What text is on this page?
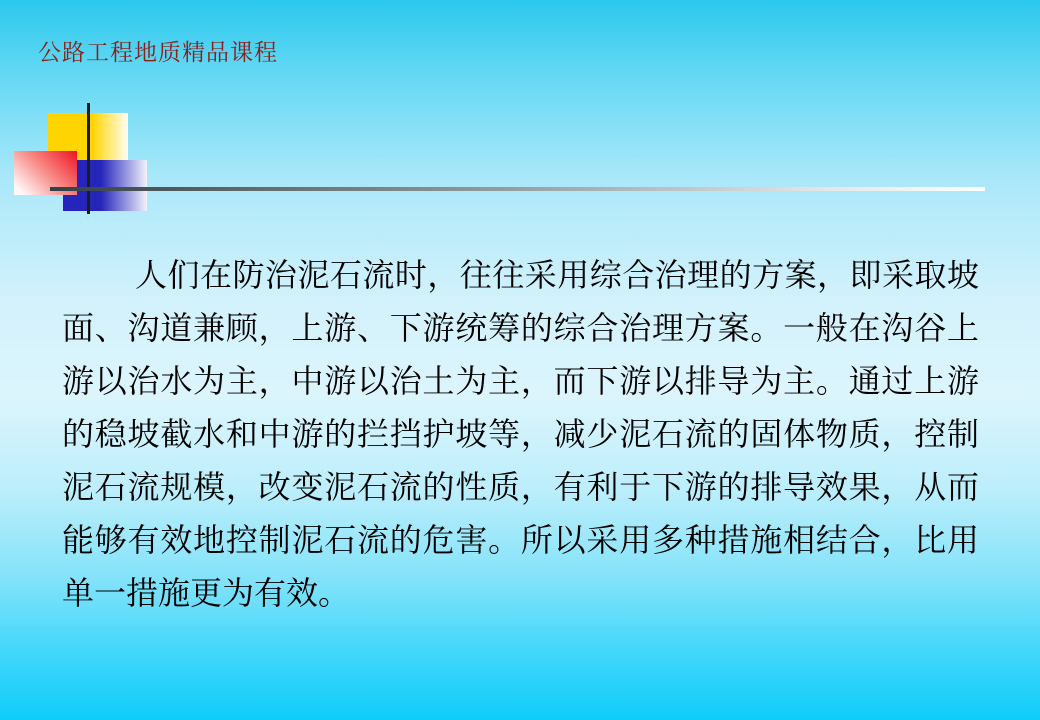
公路工程地质精品课程
人们在防治泥石流时，往往采用综合治理的方案，即采取坡
面、沟道兼顾，上游、下游统筹的综合治理方案。一般在沟谷上
游以治水为主，中游以治土为主，而下游以排导为主。通过上游
的稳坡截水和中游的拦挡护坡等，减少泥石流的固体物质，控制
泥石流规模，改变泥石流的性质，有利于下游的排导效果，从而
能够有效地控制泥石流的危害。所以采用多种措施相结合，比用
单一措施更为有效。
